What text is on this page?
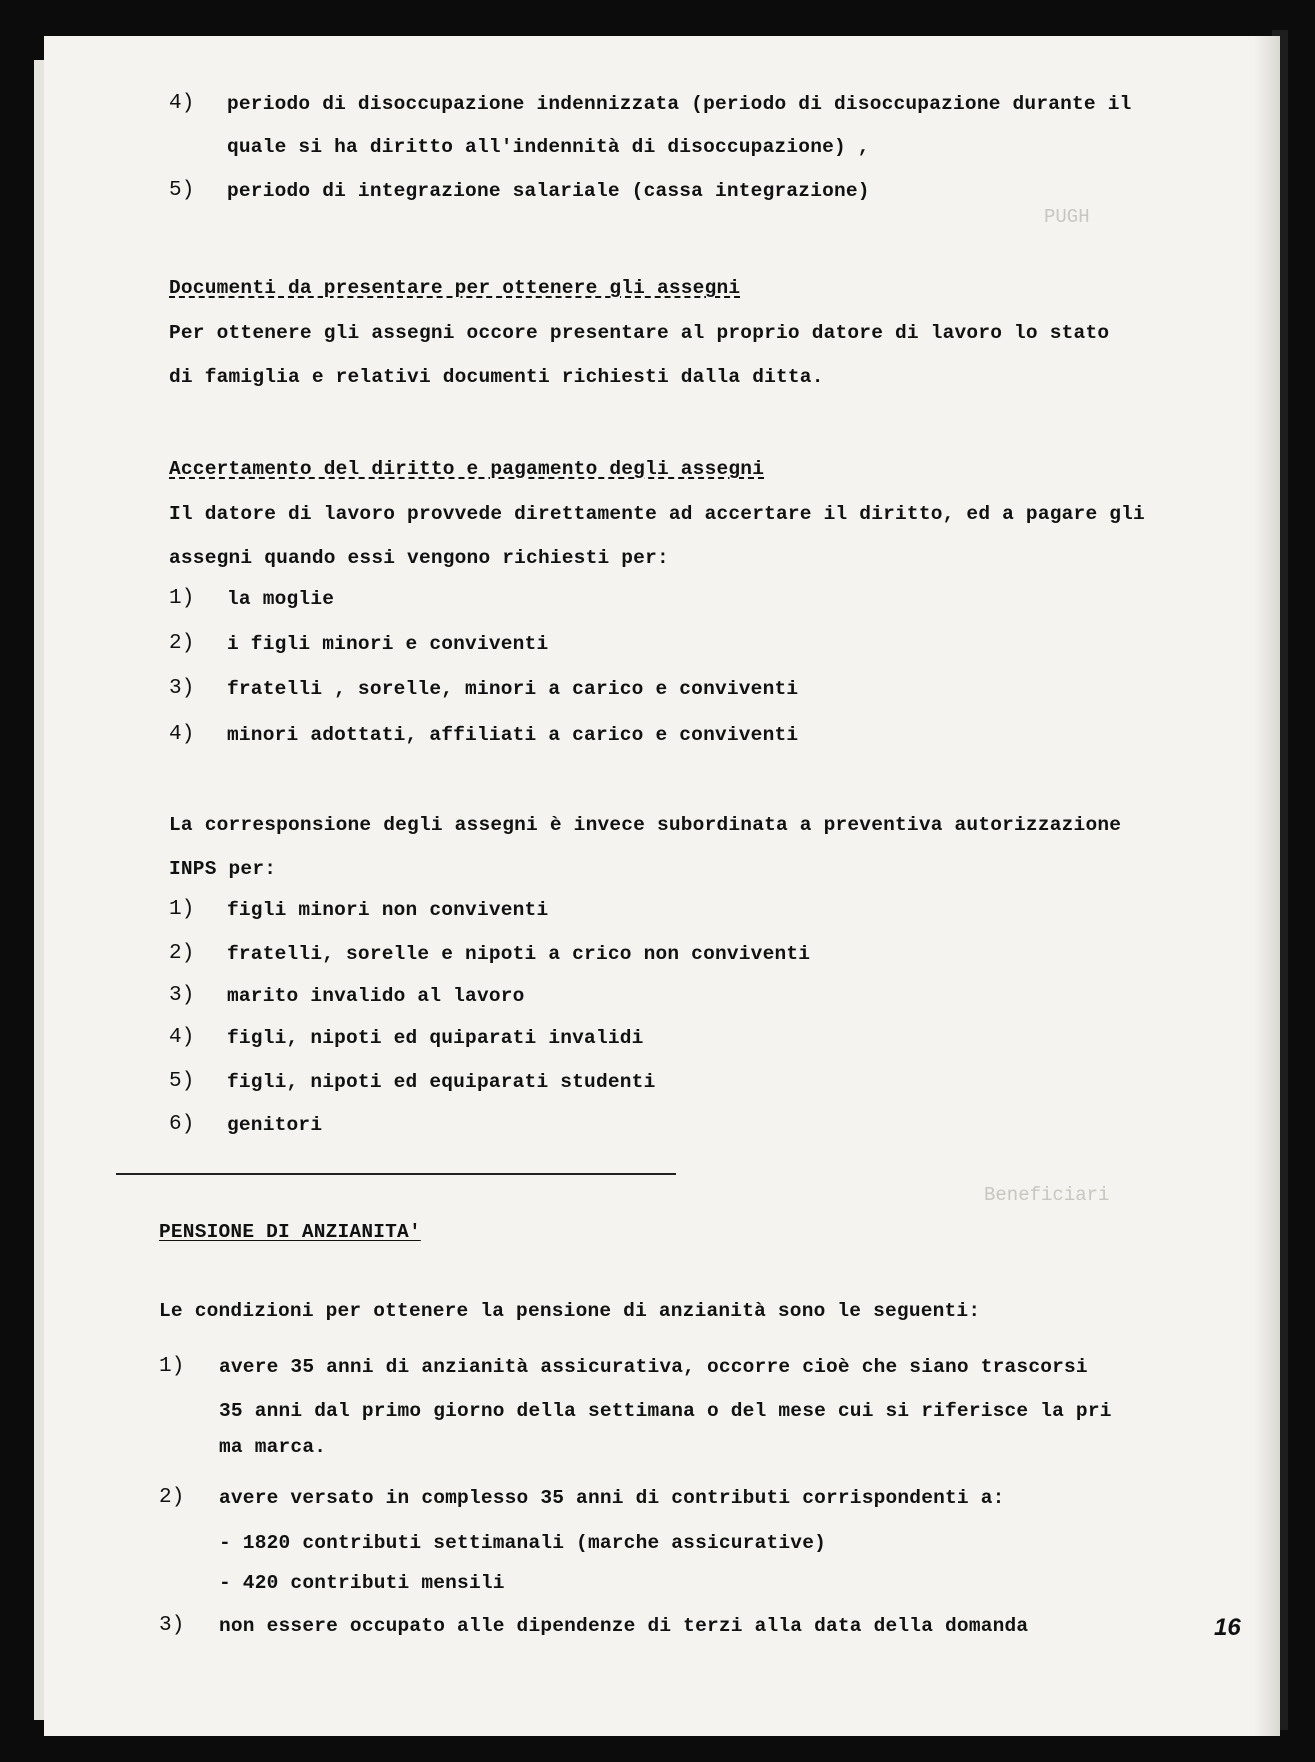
PUGH
Beneficiari
4) periodo di disoccupazione indennizzata (periodo di disoccupazione durante il
quale si ha diritto all'indennità di disoccupazione) ,
5) periodo di integrazione salariale (cassa integrazione)
Documenti da presentare per ottenere gli assegni
Per ottenere gli assegni occore presentare al proprio datore di lavoro lo stato
di famiglia e relativi documenti richiesti dalla ditta.
Accertamento del diritto e pagamento degli assegni
Il datore di lavoro provvede direttamente ad accertare il diritto, ed a pagare gli
assegni quando essi vengono richiesti per:
1) la moglie
2) i figli minori e conviventi
3) fratelli , sorelle, minori a carico e conviventi
4) minori adottati, affiliati a carico e conviventi
La corresponsione degli assegni è invece subordinata a preventiva autorizzazione
INPS per:
1) figli minori non conviventi
2) fratelli, sorelle e nipoti a crico non conviventi
3) marito invalido al lavoro
4) figli, nipoti ed quiparati invalidi
5) figli, nipoti ed equiparati studenti
6) genitori
PENSIONE DI ANZIANITA'
Le condizioni per ottenere la pensione di anzianità sono le seguenti:
1) avere 35 anni di anzianità assicurativa, occorre cioè che siano trascorsi
35 anni dal primo giorno della settimana o del mese cui si riferisce la pri
ma marca.
2) avere versato in complesso 35 anni di contributi corrispondenti a:
- 1820 contributi settimanali (marche assicurative)
- 420 contributi mensili
3) non essere occupato alle dipendenze di terzi alla data della domanda	16
